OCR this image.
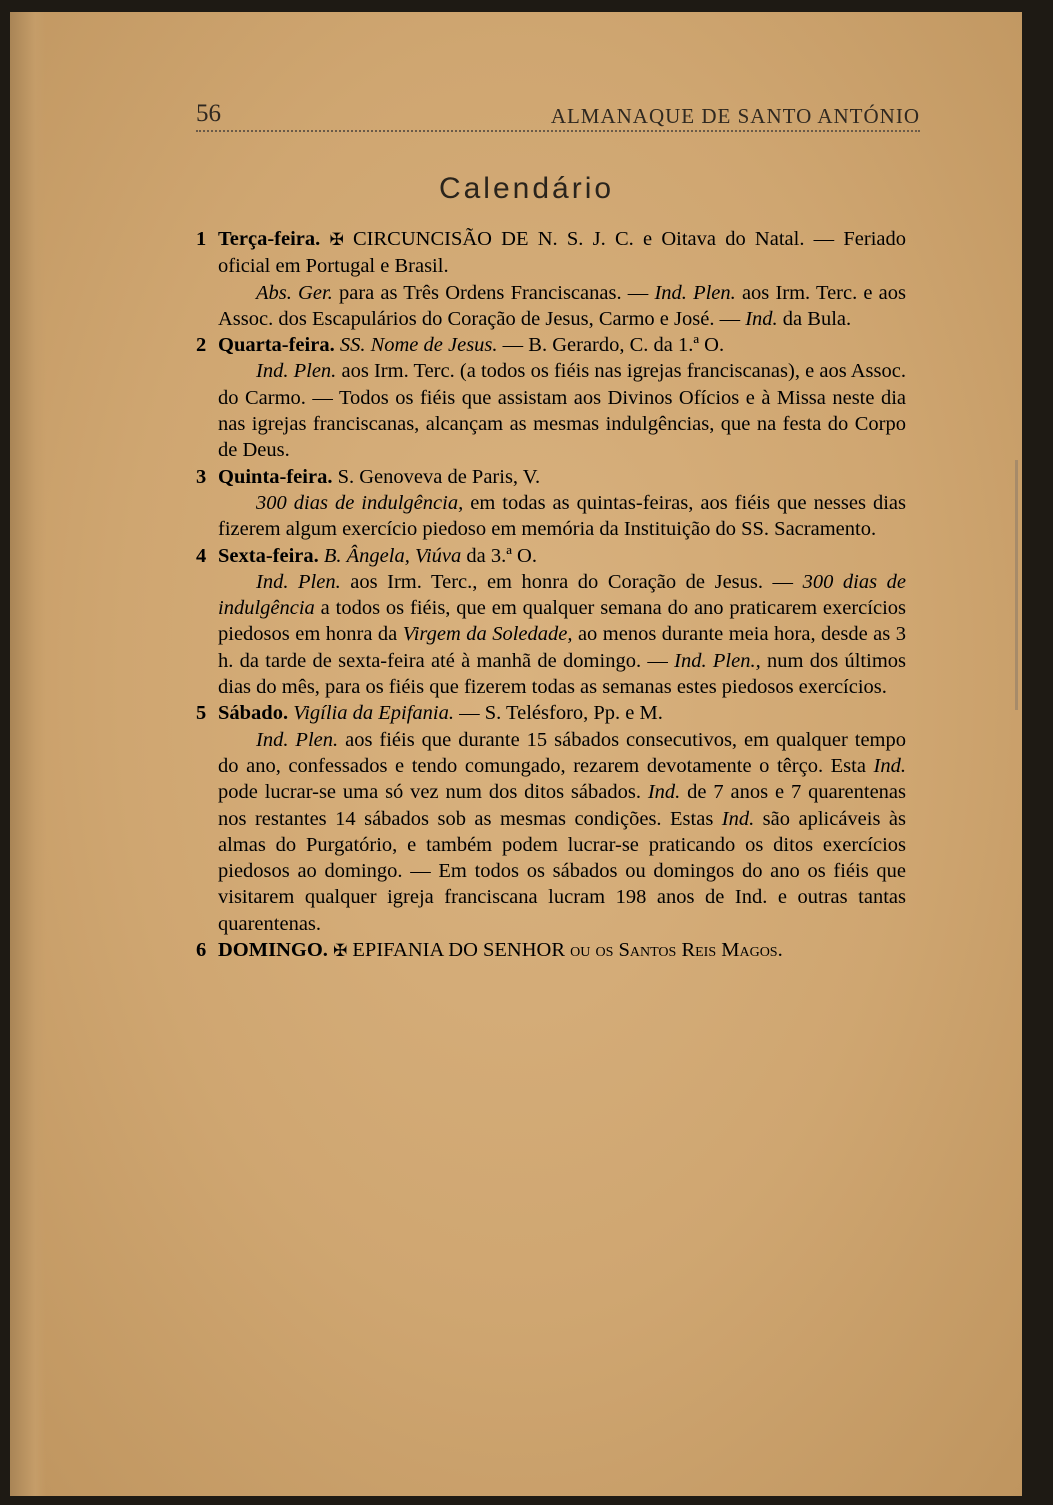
56	ALMANAQUE DE SANTO ANTÓNIO
Calendário
1 Terça-feira. ✠ CIRCUNCISÃO DE N. S. J. C. e Oitava do Natal. — Feriado oficial em Portugal e Brasil.

Abs. Ger. para as Três Ordens Franciscanas. — Ind. Plen. aos Irm. Terc. e aos Assoc. dos Escapulários do Coração de Jesus, Carmo e José. — Ind. da Bula.

2 Quarta-feira. SS. Nome de Jesus. — B. Gerardo, C. da 1.ª O.

Ind. Plen. aos Irm. Terc. (a todos os fiéis nas igrejas franciscanas), e aos Assoc. do Carmo. — Todos os fiéis que assistam aos Divinos Ofícios e à Missa neste dia nas igrejas franciscanas, alcançam as mesmas indulgências, que na festa do Corpo de Deus.

3 Quinta-feira. S. Genoveva de Paris, V.

300 dias de indulgência, em todas as quintas-feiras, aos fiéis que nesses dias fizerem algum exercício piedoso em memória da Instituição do SS. Sacramento.

4 Sexta-feira. B. Ângela, Viúva da 3.ª O.

Ind. Plen. aos Irm. Terc., em honra do Coração de Jesus. — 300 dias de indulgência a todos os fiéis, que em qualquer semana do ano praticarem exercícios piedosos em honra da Virgem da Soledade, ao menos durante meia hora, desde as 3 h. da tarde de sexta-feira até à manhã de domingo. — Ind. Plen., num dos últimos dias do mês, para os fiéis que fizerem todas as semanas estes piedosos exercícios.

5 Sábado. Vigília da Epifania. — S. Telésforo, Pp. e M.

Ind. Plen. aos fiéis que durante 15 sábados consecutivos, em qualquer tempo do ano, confessados e tendo comungado, rezarem devotamente o têrço. Esta Ind. pode lucrar-se uma só vez num dos ditos sábados. Ind. de 7 anos e 7 quarentenas nos restantes 14 sábados sob as mesmas condições. Estas Ind. são aplicáveis às almas do Purgatório, e também podem lucrar-se praticando os ditos exercícios piedosos ao domingo. — Em todos os sábados ou domingos do ano os fiéis que visitarem qualquer igreja franciscana lucram 198 anos de Ind. e outras tantas quarentenas.

6 DOMINGO. ✠ EPIFANIA DO SENHOR ou os Santos Reis Magos.
